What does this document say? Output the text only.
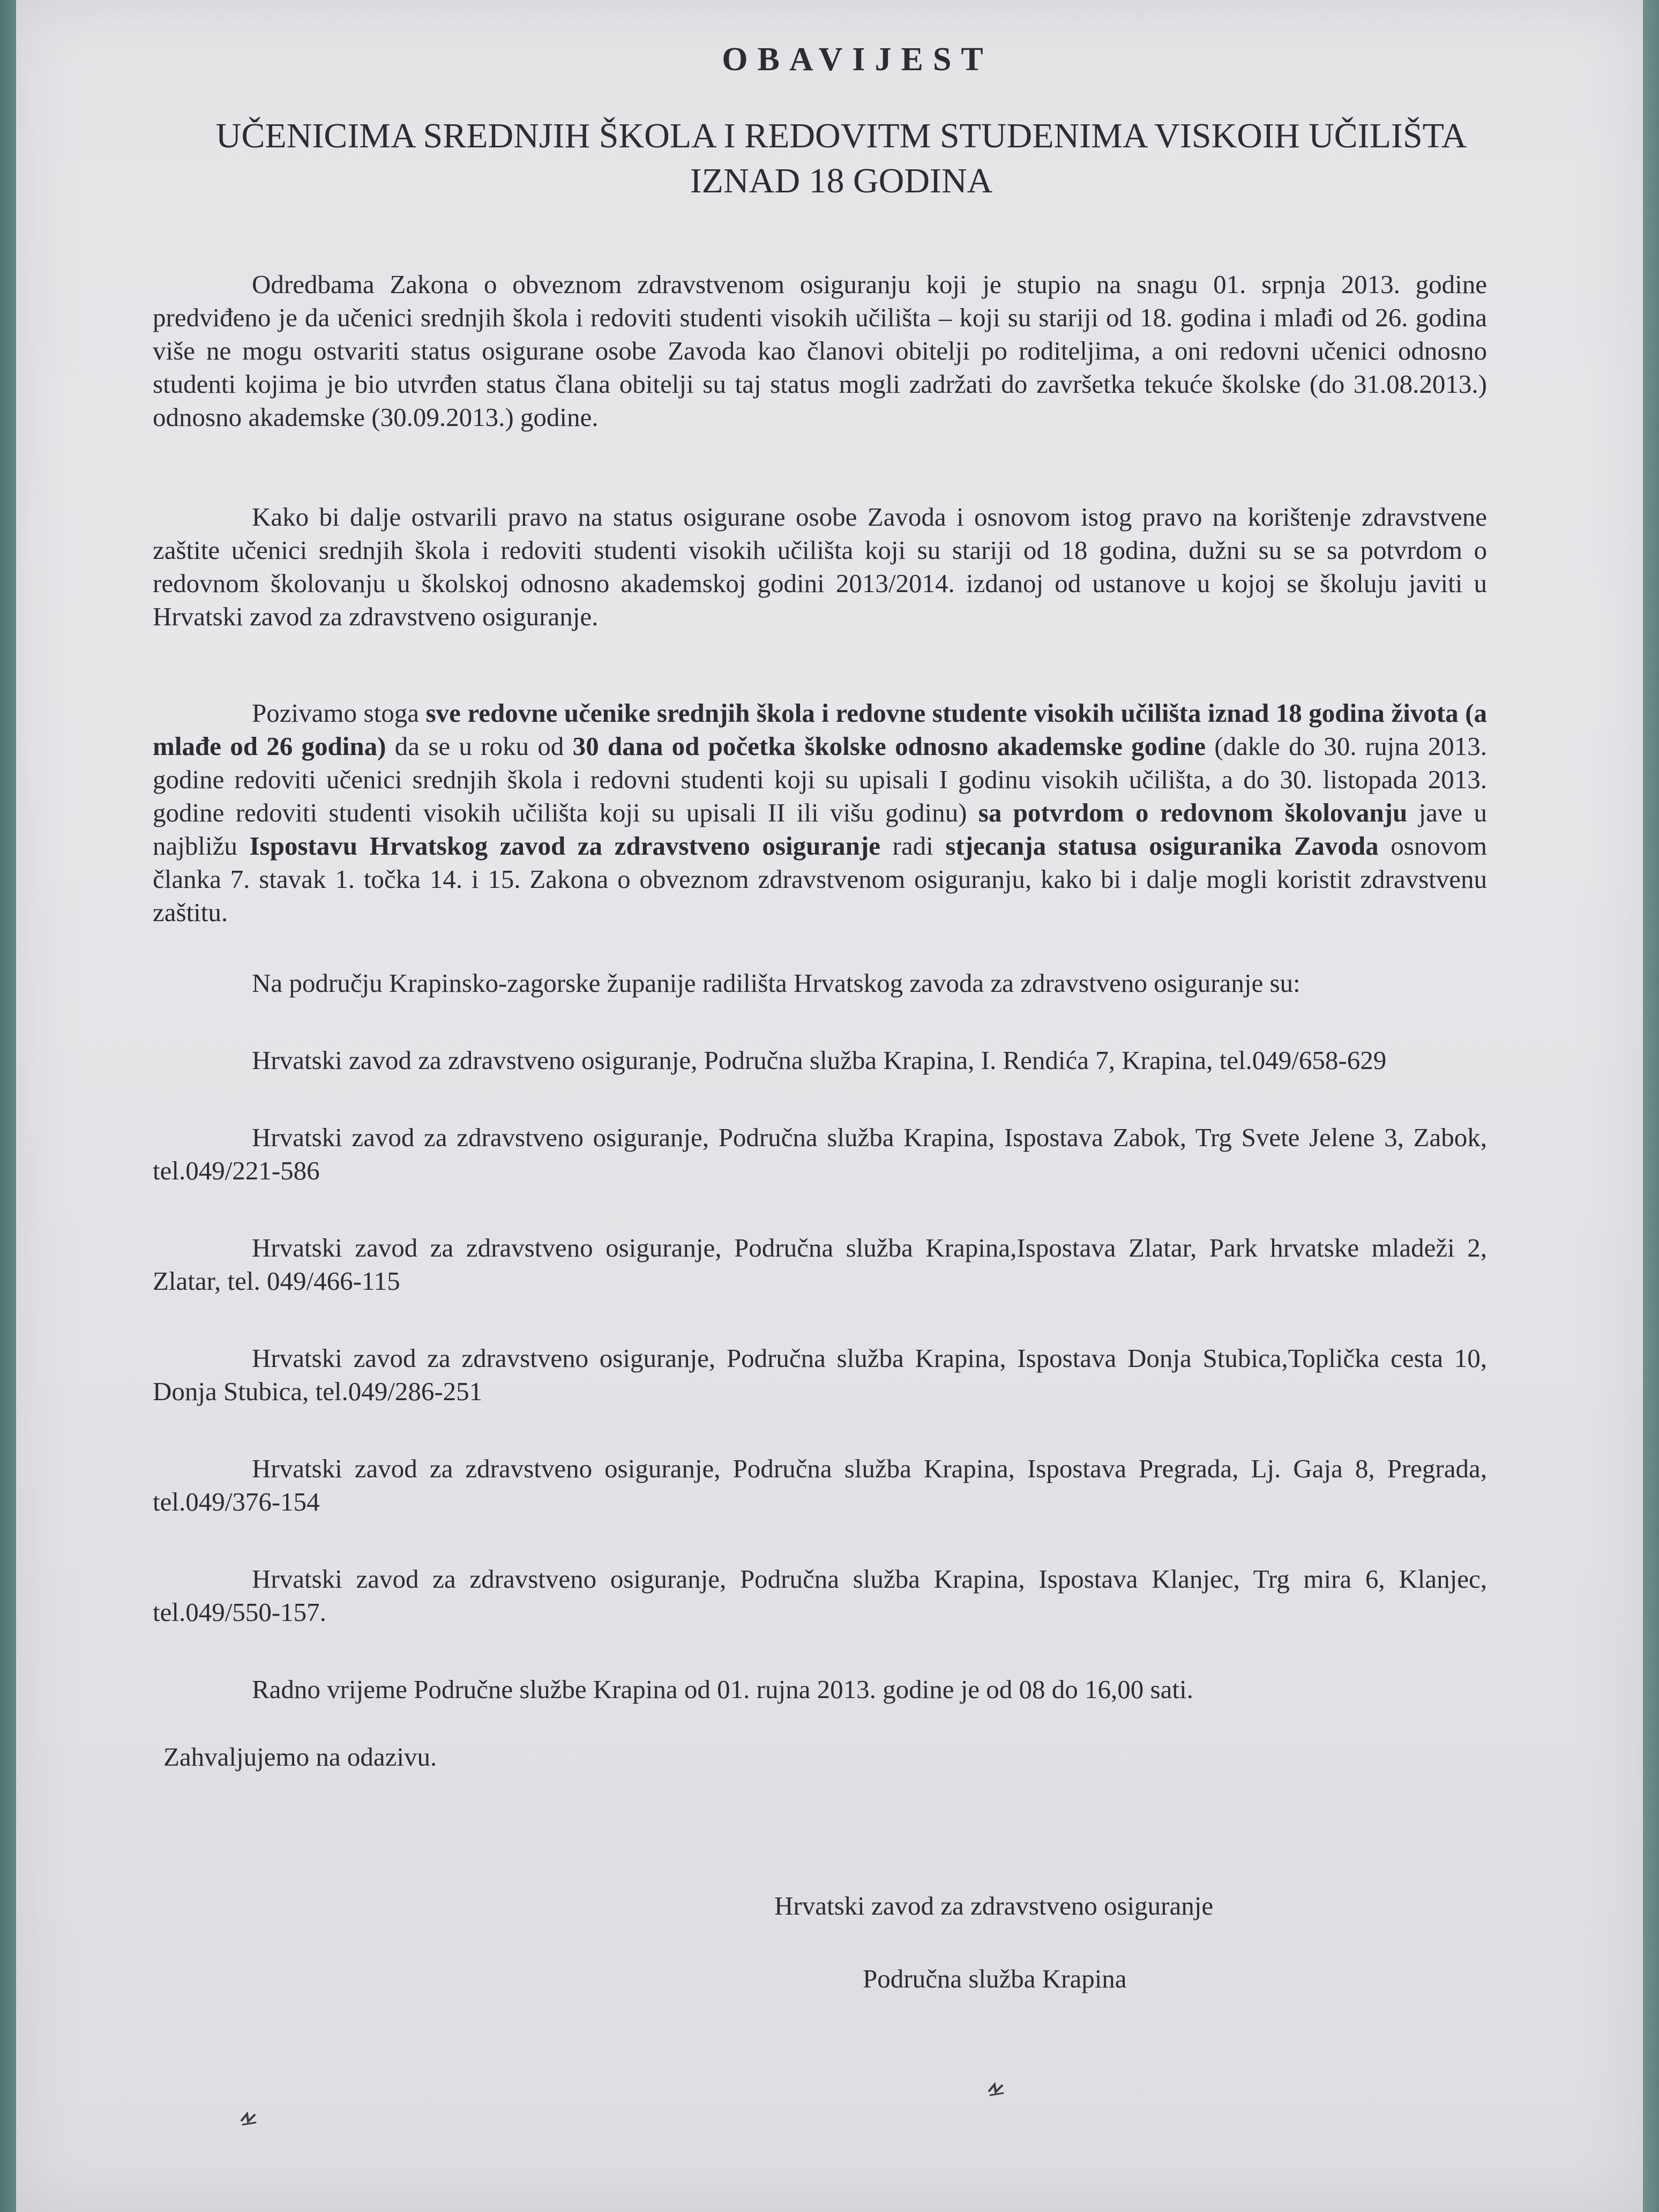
OBAVIJEST
UČENICIMA SREDNJIH ŠKOLA I REDOVITM STUDENIMA VISKOIH UČILIŠTA IZNAD 18 GODINA

Odredbama Zakona o obveznom zdravstvenom osiguranju koji je stupio na snagu 01. srpnja 2013. godine predviđeno je da učenici srednjih škola i redoviti studenti visokih učilišta – koji su stariji od 18. godina i mlađi od 26. godina više ne mogu ostvariti status osigurane osobe Zavoda kao članovi obitelji po roditeljima, a oni redovni učenici odnosno studenti kojima je bio utvrđen status člana obitelji su taj status mogli zadržati do završetka tekuće školske (do 31.08.2013.) odnosno akademske (30.09.2013.) godine.

Kako bi dalje ostvarili pravo na status osigurane osobe Zavoda i osnovom istog pravo na korištenje zdravstvene zaštite učenici srednjih škola i redoviti studenti visokih učilišta koji su stariji od 18 godina, dužni su se sa potvrdom o redovnom školovanju u školskoj odnosno akademskoj godini 2013/2014. izdanoj od ustanove u kojoj se školuju javiti u Hrvatski zavod za zdravstveno osiguranje.

Pozivamo stoga sve redovne učenike srednjih škola i redovne studente visokih učilišta iznad 18 godina života (a mlađe od 26 godina) da se u roku od 30 dana od početka školske odnosno akademske godine (dakle do 30. rujna 2013. godine redoviti učenici srednjih škola i redovni studenti koji su upisali I godinu visokih učilišta, a do 30. listopada 2013. godine redoviti studenti visokih učilišta koji su upisali II ili višu godinu) sa potvrdom o redovnom školovanju jave u najbližu Ispostavu Hrvatskog zavod za zdravstveno osiguranje radi stjecanja statusa osiguranika Zavoda osnovom članka 7. stavak 1. točka 14. i 15. Zakona o obveznom zdravstvenom osiguranju, kako bi i dalje mogli koristit zdravstvenu zaštitu.

Na području Krapinsko-zagorske županije radilišta Hrvatskog zavoda za zdravstveno osiguranje su:

Hrvatski zavod za zdravstveno osiguranje, Područna služba Krapina, I. Rendića 7, Krapina, tel.049/658-629

Hrvatski zavod za zdravstveno osiguranje, Područna služba Krapina, Ispostava Zabok, Trg Svete Jelene 3, Zabok, tel.049/221-586

Hrvatski zavod za zdravstveno osiguranje, Područna služba Krapina,Ispostava Zlatar, Park hrvatske mladeži 2, Zlatar, tel. 049/466-115

Hrvatski zavod za zdravstveno osiguranje, Područna služba Krapina, Ispostava Donja Stubica,Toplička cesta 10, Donja Stubica, tel.049/286-251

Hrvatski zavod za zdravstveno osiguranje, Područna služba Krapina, Ispostava Pregrada, Lj. Gaja 8, Pregrada, tel.049/376-154

Hrvatski zavod za zdravstveno osiguranje, Područna služba Krapina, Ispostava Klanjec, Trg mira 6, Klanjec, tel.049/550-157.

Radno vrijeme Područne službe Krapina od 01. rujna 2013. godine je od 08 do 16,00 sati.

Zahvaljujemo na odazivu.
Hrvatski zavod za zdravstveno osiguranje
Područna služba Krapina
